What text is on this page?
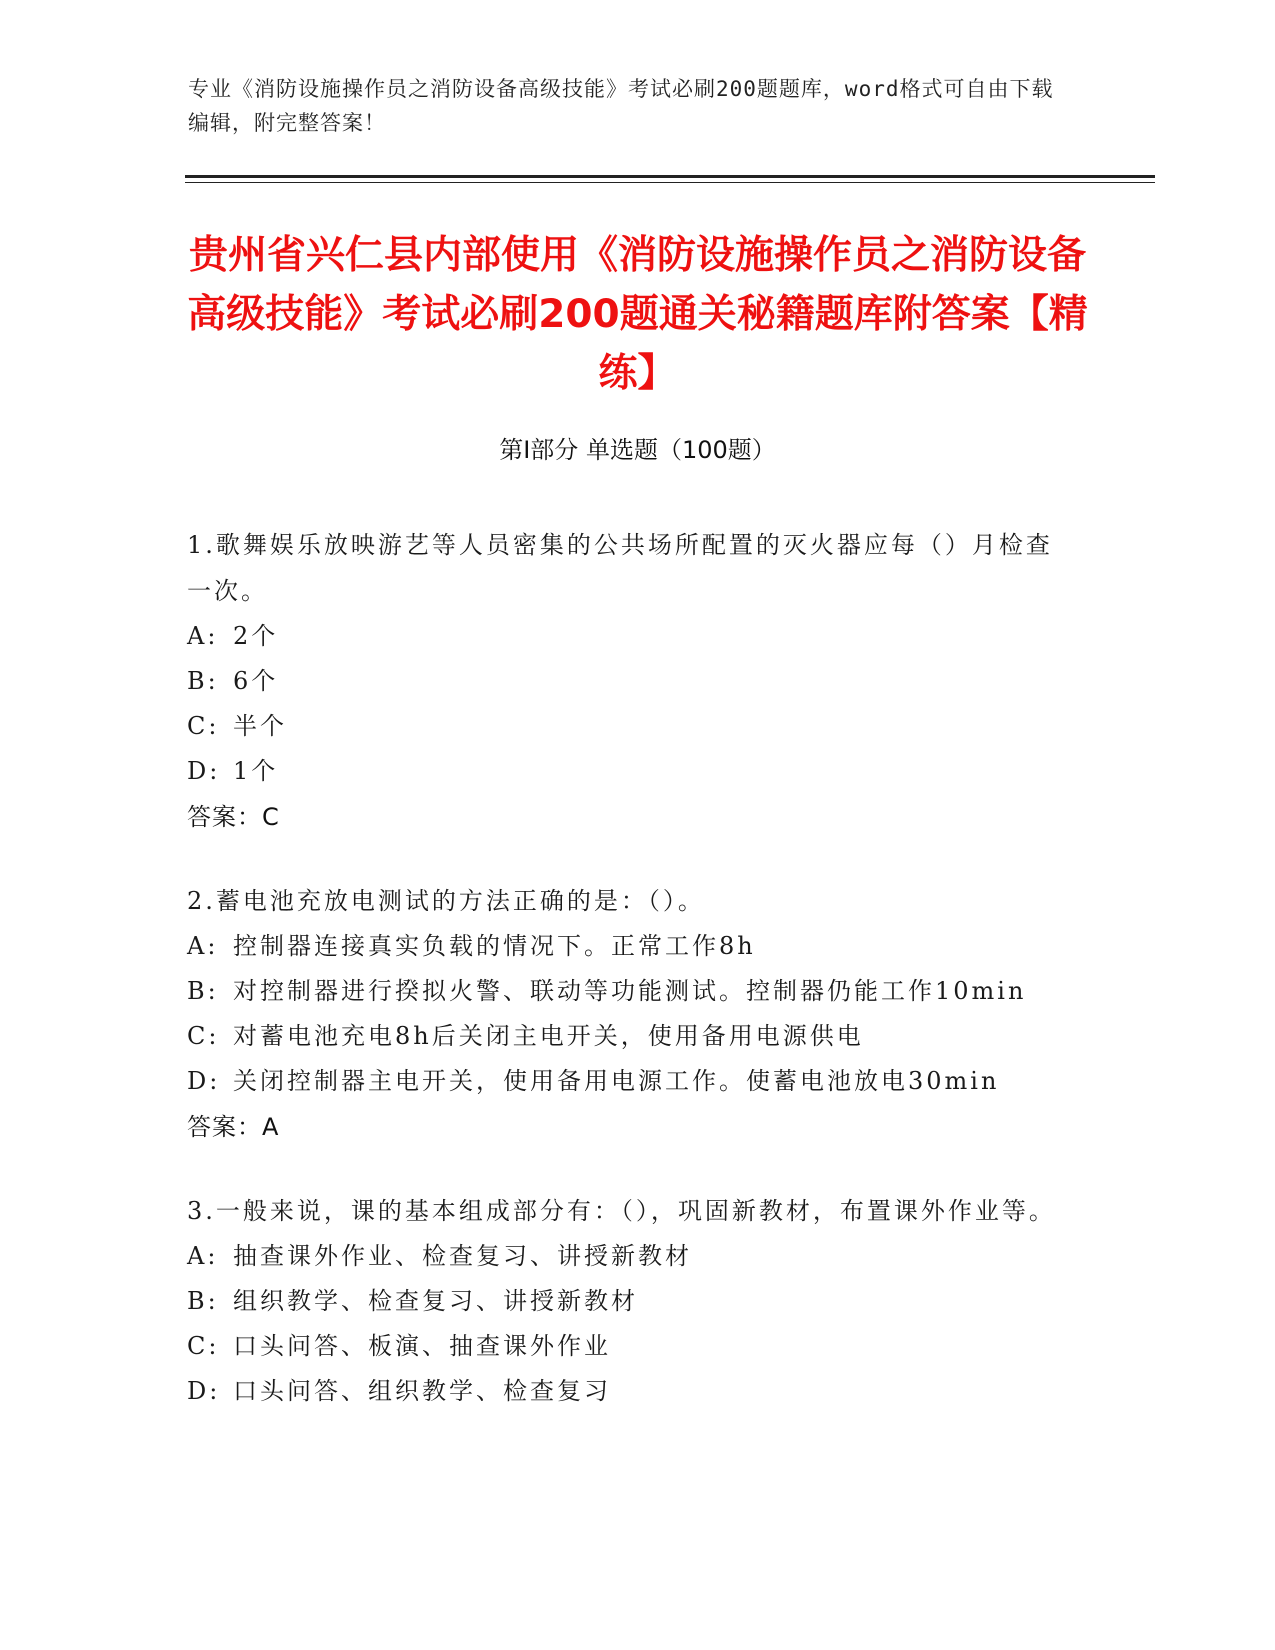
专业《消防设施操作员之消防设备高级技能》考试必刷200题题库，word格式可自由下载编辑，附完整答案！
贵州省兴仁县内部使用《消防设施操作员之消防设备高级技能》考试必刷200题通关秘籍题库附答案【精练】
第Ⅰ部分 单选题（100题）
1.歌舞娱乐放映游艺等人员密集的公共场所配置的灭火器应每（）月检查一次。
A: 2个
B: 6个
C: 半个
D: 1个
答案：C
2.蓄电池充放电测试的方法正确的是：（）。
A: 控制器连接真实负载的情况下。正常工作8h
B: 对控制器进行揆拟火警、联动等功能测试。控制器仍能工作10min
C: 对蓄电池充电8h后关闭主电开关，使用备用电源供电
D: 关闭控制器主电开关，使用备用电源工作。使蓄电池放电30min
答案：A
3.一般来说，课的基本组成部分有：（），巩固新教材，布置课外作业等。
A: 抽查课外作业、检查复习、讲授新教材
B: 组织教学、检查复习、讲授新教材
C: 口头问答、板演、抽查课外作业
D: 口头问答、组织教学、检查复习
